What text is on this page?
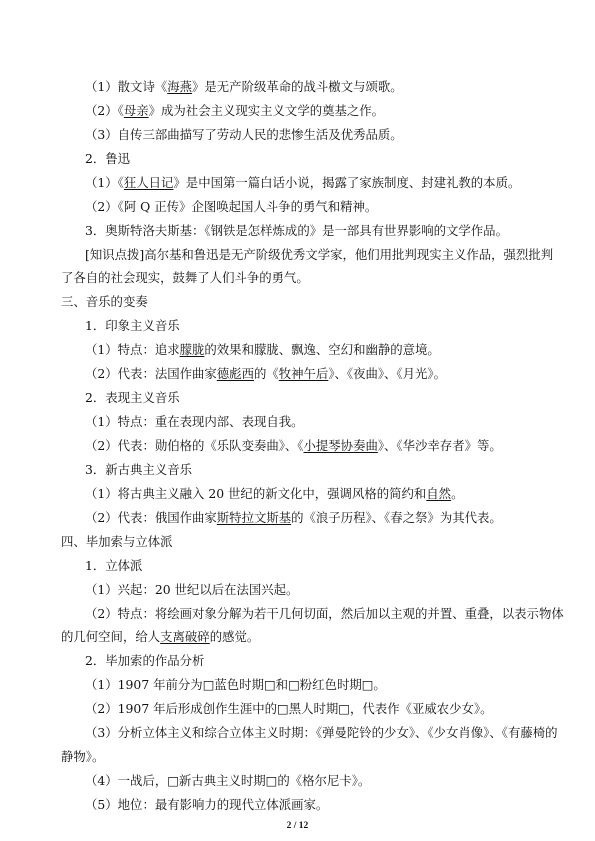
（1）散文诗《海燕》是无产阶级革命的战斗檄文与颂歌。
（2）《母亲》成为社会主义现实主义文学的奠基之作。
（3）自传三部曲描写了劳动人民的悲惨生活及优秀品质。
2．鲁迅
（1）《狂人日记》是中国第一篇白话小说，揭露了家族制度、封建礼教的本质。
（2）《阿 Q 正传》企图唤起国人斗争的勇气和精神。
3．奥斯特洛夫斯基：《钢铁是怎样炼成的》是一部具有世界影响的文学作品。
[知识点拨]高尔基和鲁迅是无产阶级优秀文学家，他们用批判现实主义作品，强烈批判
了各自的社会现实，鼓舞了人们斗争的勇气。
三、音乐的变奏
1．印象主义音乐
（1）特点：追求朦胧的效果和朦胧、飘逸、空幻和幽静的意境。
（2）代表：法国作曲家德彪西的《牧神午后》、《夜曲》、《月光》。
2．表现主义音乐
（1）特点：重在表现内部、表现自我。
（2）代表：勋伯格的《乐队变奏曲》、《小提琴协奏曲》、《华沙幸存者》等。
3．新古典主义音乐
（1）将古典主义融入 20 世纪的新文化中，强调风格的简约和自然。
（2）代表：俄国作曲家斯特拉文斯基的《浪子历程》、《春之祭》为其代表。
四、毕加索与立体派
1．立体派
（1）兴起：20 世纪以后在法国兴起。
（2）特点：将绘画对象分解为若干几何切面，然后加以主观的并置、重叠，以表示物体
的几何空间，给人支离破碎的感觉。
2．毕加索的作品分析
（1）1907 年前分为□蓝色时期□和□粉红色时期□。
（2）1907 年后形成创作生涯中的□黑人时期□，代表作《亚威农少女》。
（3）分析立体主义和综合立体主义时期：《弹曼陀铃的少女》、《少女肖像》、《有藤椅的
静物》。
（4）一战后，□新古典主义时期□的《格尔尼卡》。
（5）地位：最有影响力的现代立体派画家。
2 / 12
